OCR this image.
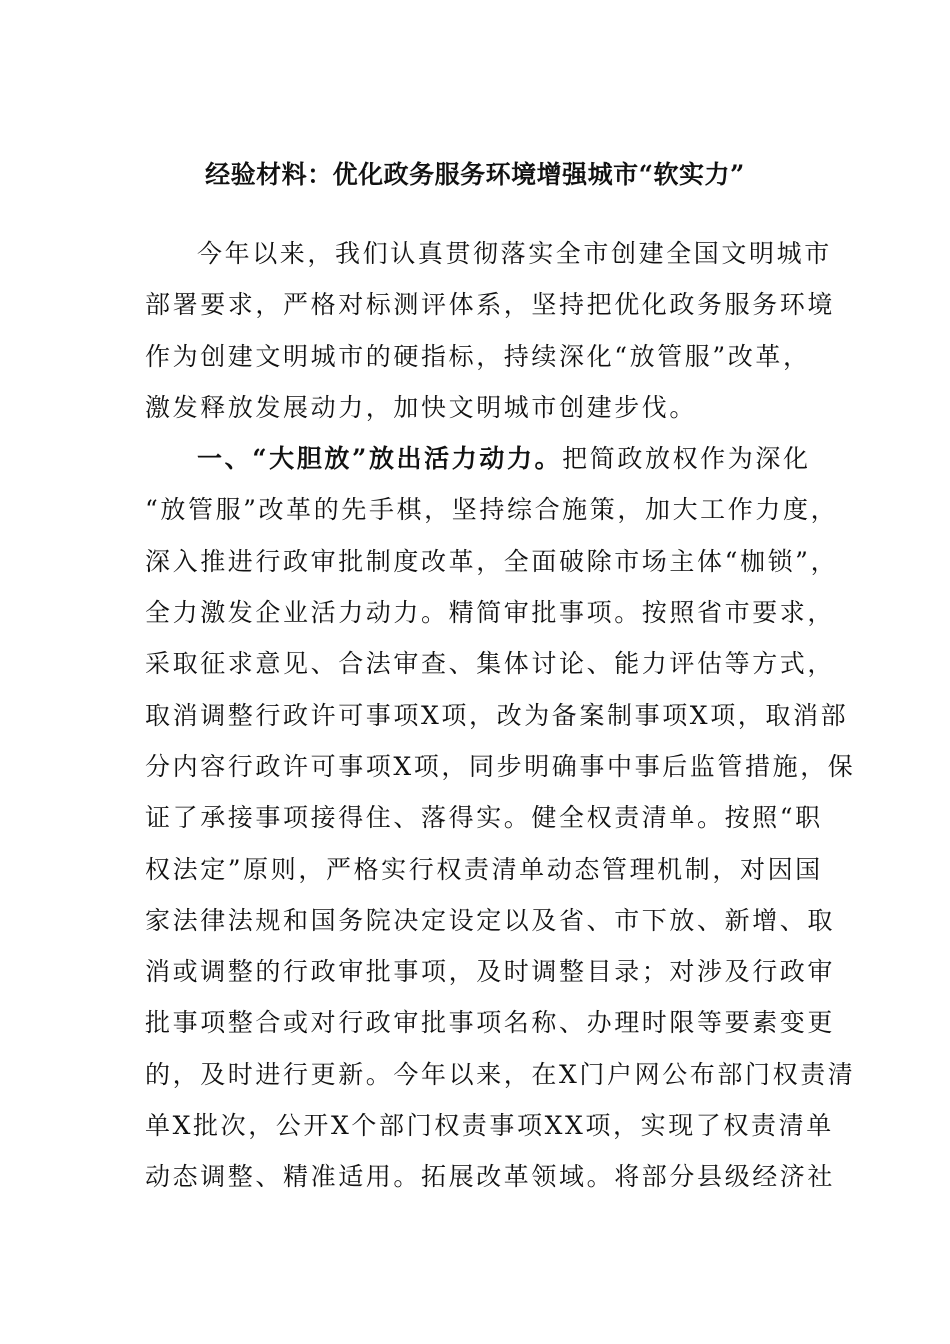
经验材料：优化政务服务环境增强城市“软实力”
今年以来，我们认真贯彻落实全市创建全国文明城市
部署要求，严格对标测评体系，坚持把优化政务服务环境
作为创建文明城市的硬指标，持续深化“放管服”改革，
激发释放发展动力，加快文明城市创建步伐。
一、“大胆放”放出活力动力。把简政放权作为深化
“放管服”改革的先手棋，坚持综合施策，加大工作力度，
深入推进行政审批制度改革，全面破除市场主体“枷锁”，
全力激发企业活力动力。精简审批事项。按照省市要求，
采取征求意见、合法审查、集体讨论、能力评估等方式，
取消调整行政许可事项X项，改为备案制事项X项，取消部
分内容行政许可事项X项，同步明确事中事后监管措施，保
证了承接事项接得住、落得实。健全权责清单。按照“职
权法定”原则，严格实行权责清单动态管理机制，对因国
家法律法规和国务院决定设定以及省、市下放、新增、取
消或调整的行政审批事项，及时调整目录；对涉及行政审
批事项整合或对行政审批事项名称、办理时限等要素变更
的，及时进行更新。今年以来，在X门户网公布部门权责清
单X批次，公开X个部门权责事项XX项，实现了权责清单
动态调整、精准适用。拓展改革领域。将部分县级经济社
